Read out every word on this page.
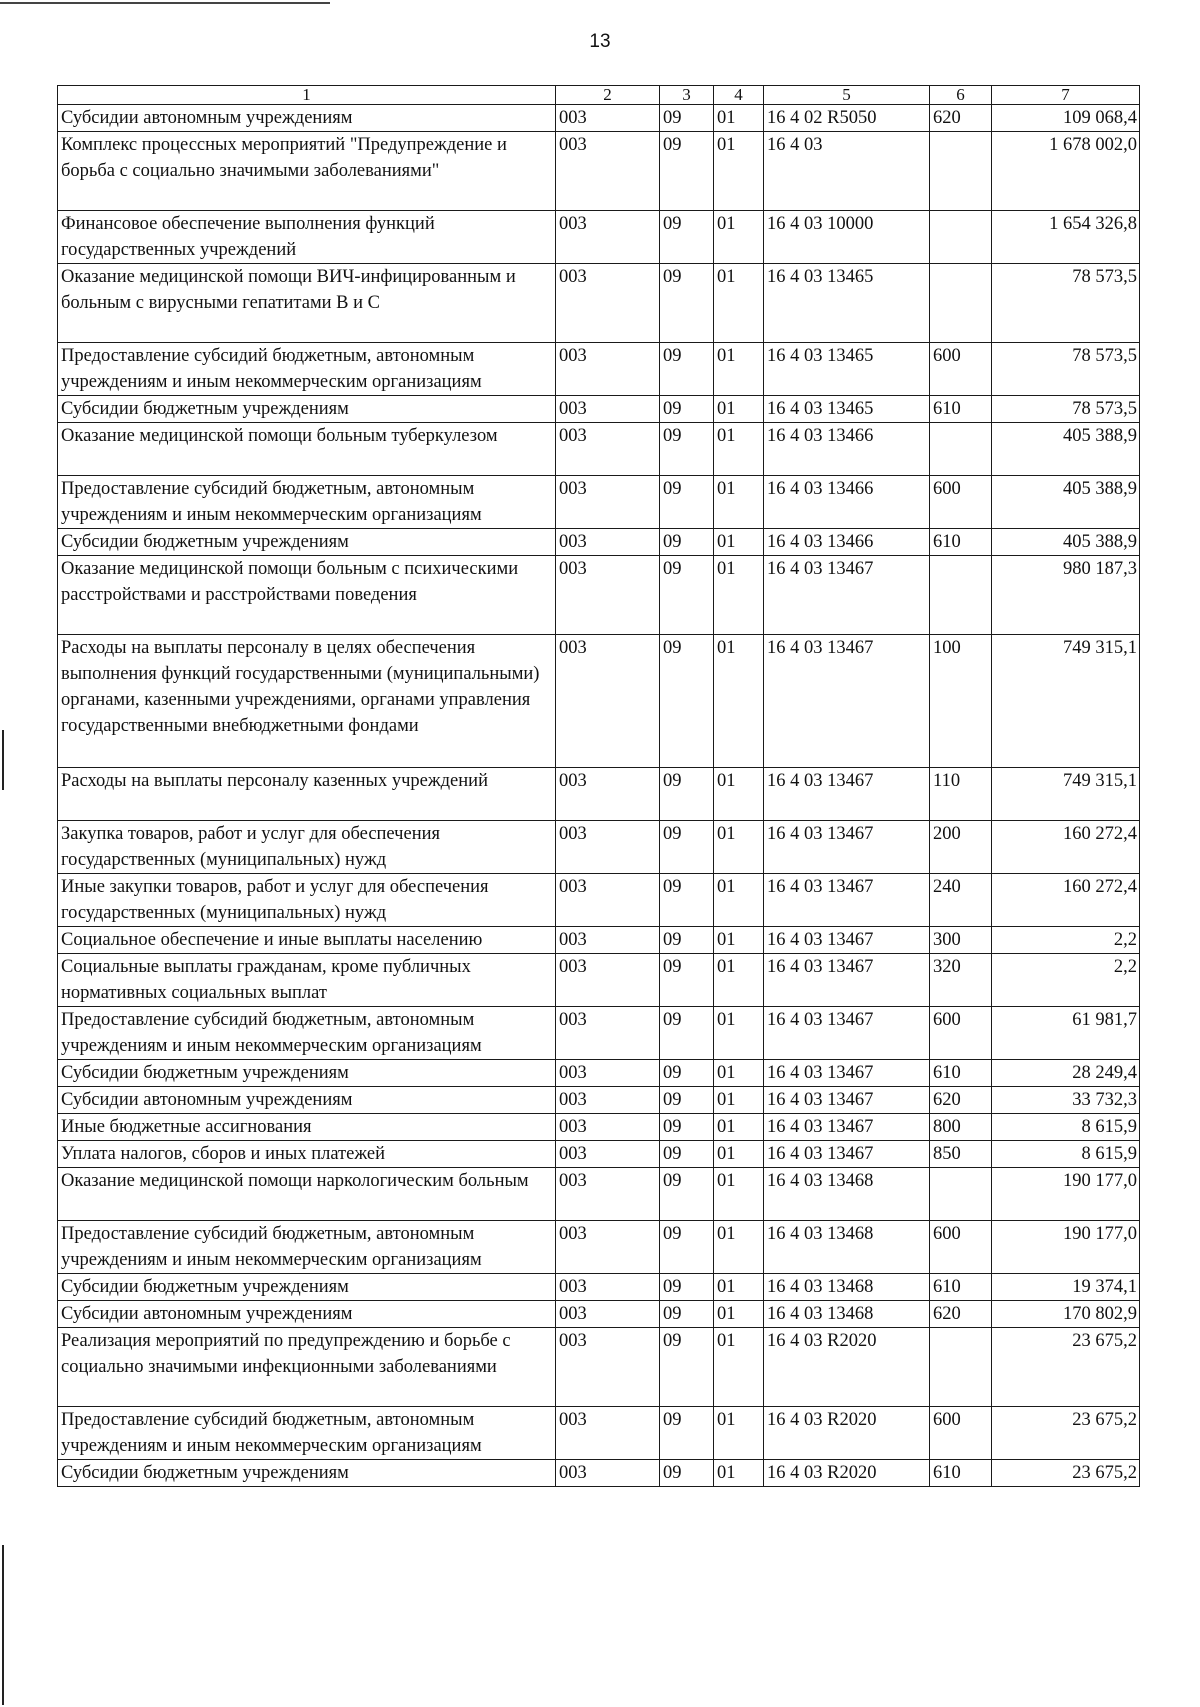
13
1	2	3	4	5	6	7
Субсидии автономным учреждениям	003	09	01	16 4 02 R5050	620	109 068,4
Комплекс процессных мероприятий "Предупреждение и борьба с социально значимыми заболеваниями"	003	09	01	16 4 03		1 678 002,0
Финансовое обеспечение выполнения функций государственных учреждений	003	09	01	16 4 03 10000		1 654 326,8
Оказание медицинской помощи ВИЧ-инфицированным и больным с вирусными гепатитами В и С	003	09	01	16 4 03 13465		78 573,5
Предоставление субсидий бюджетным, автономным учреждениям и иным некоммерческим организациям	003	09	01	16 4 03 13465	600	78 573,5
Субсидии бюджетным учреждениям	003	09	01	16 4 03 13465	610	78 573,5
Оказание медицинской помощи больным туберкулезом	003	09	01	16 4 03 13466		405 388,9
Предоставление субсидий бюджетным, автономным учреждениям и иным некоммерческим организациям	003	09	01	16 4 03 13466	600	405 388,9
Субсидии бюджетным учреждениям	003	09	01	16 4 03 13466	610	405 388,9
Оказание медицинской помощи больным с психическими расстройствами и расстройствами поведения	003	09	01	16 4 03 13467		980 187,3
Расходы на выплаты персоналу в целях обеспечения выполнения функций государственными (муниципальными) органами, казенными учреждениями, органами управления государственными внебюджетными фондами	003	09	01	16 4 03 13467	100	749 315,1
Расходы на выплаты персоналу казенных учреждений	003	09	01	16 4 03 13467	110	749 315,1
Закупка товаров, работ и услуг для обеспечения государственных (муниципальных) нужд	003	09	01	16 4 03 13467	200	160 272,4
Иные закупки товаров, работ и услуг для обеспечения государственных (муниципальных) нужд	003	09	01	16 4 03 13467	240	160 272,4
Социальное обеспечение и иные выплаты населению	003	09	01	16 4 03 13467	300	2,2
Социальные выплаты гражданам, кроме публичных нормативных социальных выплат	003	09	01	16 4 03 13467	320	2,2
Предоставление субсидий бюджетным, автономным учреждениям и иным некоммерческим организациям	003	09	01	16 4 03 13467	600	61 981,7
Субсидии бюджетным учреждениям	003	09	01	16 4 03 13467	610	28 249,4
Субсидии автономным учреждениям	003	09	01	16 4 03 13467	620	33 732,3
Иные бюджетные ассигнования	003	09	01	16 4 03 13467	800	8 615,9
Уплата налогов, сборов и иных платежей	003	09	01	16 4 03 13467	850	8 615,9
Оказание медицинской помощи наркологическим больным	003	09	01	16 4 03 13468		190 177,0
Предоставление субсидий бюджетным, автономным учреждениям и иным некоммерческим организациям	003	09	01	16 4 03 13468	600	190 177,0
Субсидии бюджетным учреждениям	003	09	01	16 4 03 13468	610	19 374,1
Субсидии автономным учреждениям	003	09	01	16 4 03 13468	620	170 802,9
Реализация мероприятий по предупреждению и борьбе с социально значимыми инфекционными заболеваниями	003	09	01	16 4 03 R2020		23 675,2
Предоставление субсидий бюджетным, автономным учреждениям и иным некоммерческим организациям	003	09	01	16 4 03 R2020	600	23 675,2
Субсидии бюджетным учреждениям	003	09	01	16 4 03 R2020	610	23 675,2
